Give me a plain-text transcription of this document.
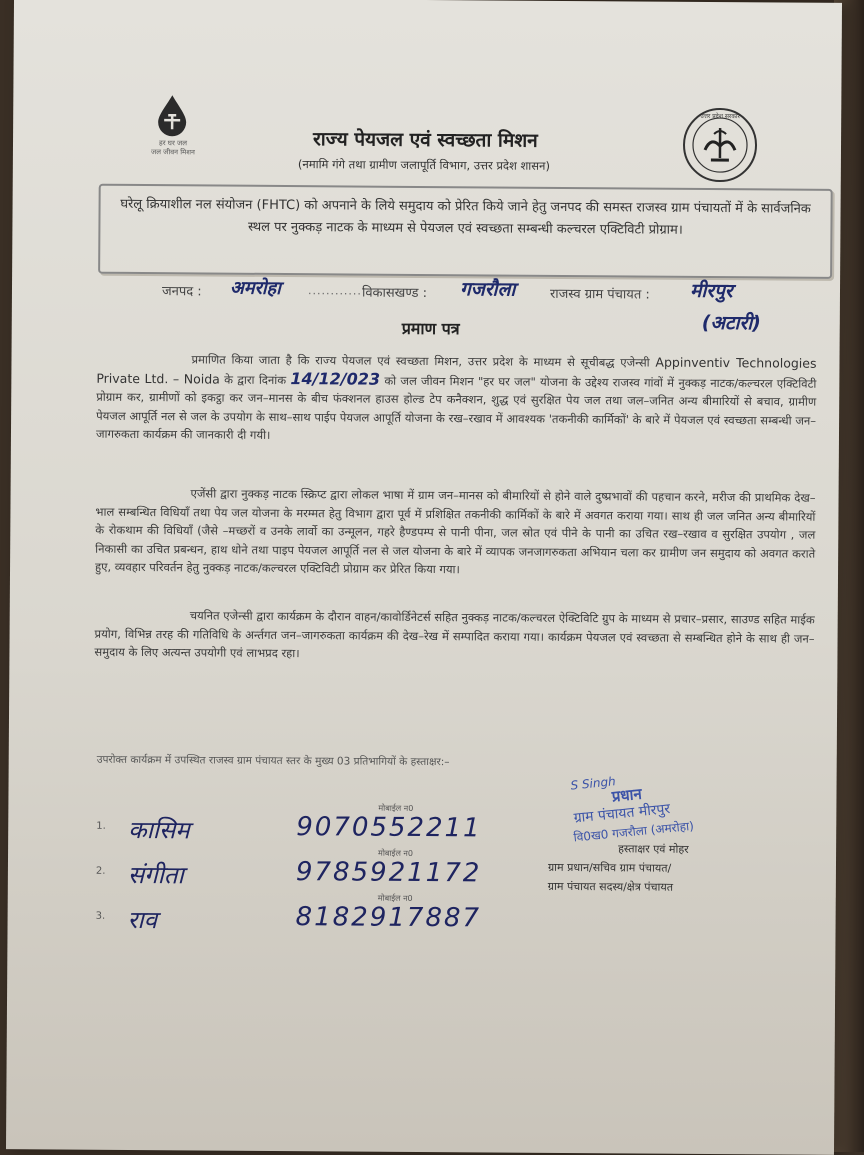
हर घर जल
जल जीवन मिशन
राज्य पेयजल एवं स्वच्छता मिशन
(नमामि गंगे तथा ग्रामीण जलापूर्ति विभाग, उत्तर प्रदेश शासन)
उत्तर प्रदेश सरकार
घरेलू क्रियाशील नल संयोजन (FHTC) को अपनाने के लिये समुदाय को प्रेरित किये जाने हेतु जनपद की समस्त राजस्व ग्राम पंचायतों में के सार्वजनिक स्थल पर नुक्कड़ नाटक के माध्यम से पेयजल एवं स्वच्छता सम्बन्धी कल्चरल एक्टिविटी प्रोग्राम।
जनपद : अमरोहा ............ विकासखण्ड : गजरौला	राजस्व ग्राम पंचायत : मीरपुर
(अटारी)
प्रमाण पत्र
प्रमाणित किया जाता है कि राज्य पेयजल एवं स्वच्छता मिशन, उत्तर प्रदेश के माध्यम से सूचीबद्ध एजेन्सी Appinventiv Technologies Private Ltd. – Noida के द्वारा दिनांक 14/12/023 को जल जीवन मिशन "हर घर जल" योजना के उद्देश्य राजस्व गांवों में नुक्कड़ नाटक/कल्चरल एक्टिविटी प्रोग्राम कर, ग्रामीणों को इकट्ठा कर जन–मानस के बीच फंक्शनल हाउस होल्ड टेप कनैक्शन, शुद्ध एवं सुरक्षित पेय जल तथा जल–जनित अन्य बीमारियों से बचाव, ग्रामीण पेयजल आपूर्ति नल से जल के उपयोग के साथ–साथ पाईप पेयजल आपूर्ति योजना के रख–रखाव में आवश्यक 'तकनीकी कार्मिकों' के बारे में पेयजल एवं स्वच्छता सम्बन्धी जन–जागरुकता कार्यक्रम की जानकारी दी गयी।
एजेंसी द्वारा नुक्कड़ नाटक स्क्रिप्ट द्वारा लोकल भाषा में ग्राम जन–मानस को बीमारियों से होने वाले दुष्प्रभावों की पहचान करने, मरीज की प्राथमिक देख–भाल सम्बन्धित विधियाँ तथा पेय जल योजना के मरम्मत हेतु विभाग द्वारा पूर्व में प्रशिक्षित तकनीकी कार्मिकों के बारे में अवगत कराया गया। साथ ही जल जनित अन्य बीमारियों के रोकथाम की विधियाँ (जैसे –मच्छरों व उनके लार्वो का उन्मूलन, गहरे हैण्डपम्प से पानी पीना, जल स्रोत एवं पीने के पानी का उचित रख–रखाव व सुरक्षित उपयोग , जल निकासी का उचित प्रबन्धन, हाथ धोने तथा पाइप पेयजल आपूर्ति नल से जल योजना के बारे में व्यापक जनजागरुकता अभियान चला कर ग्रामीण जन समुदाय को अवगत कराते हुए, व्यवहार परिवर्तन हेतु नुक्कड़ नाटक/कल्चरल एक्टिविटी प्रोग्राम कर प्रेरित किया गया।
चयनित एजेन्सी द्वारा कार्यक्रम के दौरान वाहन/कावोर्डिनेटर्स सहित नुक्कड़ नाटक/कल्चरल ऐक्टिविटि ग्रुप के माध्यम से प्रचार–प्रसार, साउण्ड सहित माईक प्रयोग, विभिन्न तरह की गतिविधि के अर्न्तगत जन–जागरुकता कार्यक्रम की देख–रेख में सम्पादित कराया गया। कार्यक्रम पेयजल एवं स्वच्छता से सम्बन्धित होने के साथ ही जन–समुदाय के लिए अत्यन्त उपयोगी एवं लाभप्रद रहा।
उपरोक्त कार्यक्रम में उपस्थित राजस्व ग्राम पंचायत स्तर के मुख्य 03 प्रतिभागियों के हस्ताक्षर:–
1. कासिम
मोबाईल न0
9070552211
2. संगीता
मोबाईल न0
9785921172
3. राव
मोबाईल न0
8182917887
S Singh
प्रधान
ग्राम पंचायत मीरपुर
वि0ख0 गजरौला (अमरोहा)
हस्ताक्षर एवं मोहर
ग्राम प्रधान/सचिव ग्राम पंचायत/
ग्राम पंचायत सदस्य/क्षेत्र पंचायत
